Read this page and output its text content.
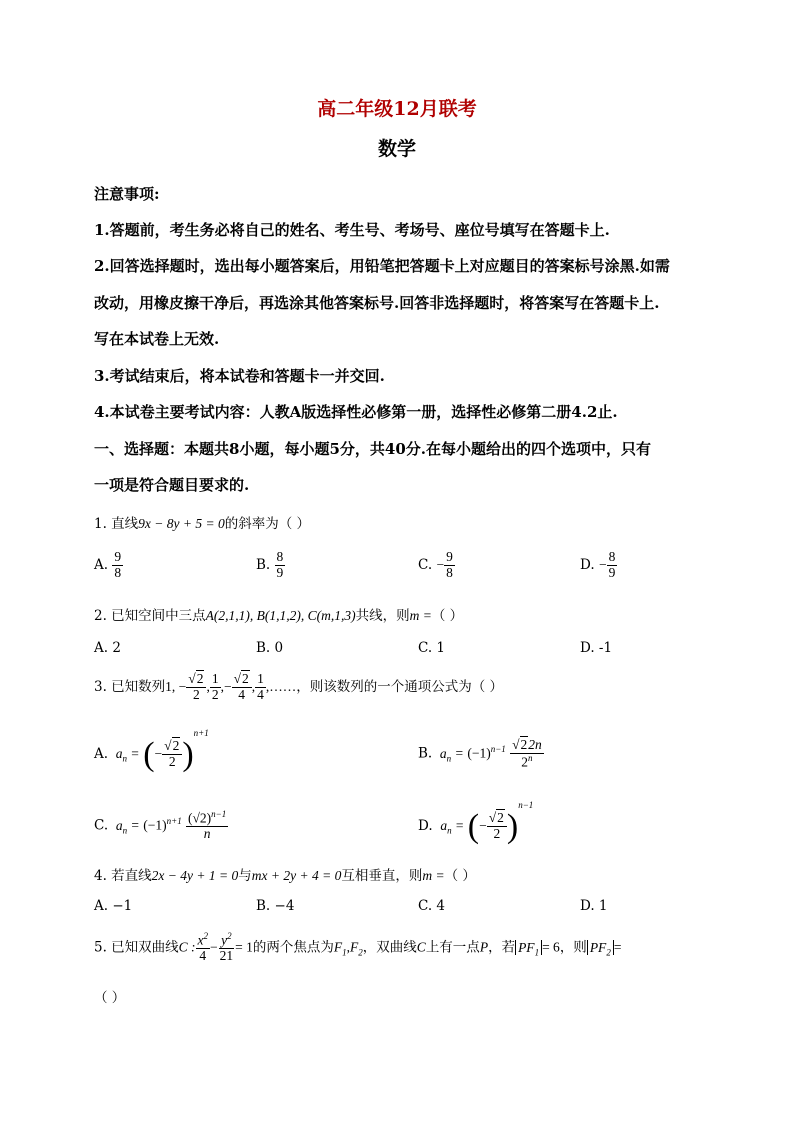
高二年级12月联考
数学
注意事项:
1.答题前，考生务必将自己的姓名、考生号、考场号、座位号填写在答题卡上.
2.回答选择题时，选出每小题答案后，用铅笔把答题卡上对应题目的答案标号涂黑.如需
改动，用橡皮擦干净后，再选涂其他答案标号.回答非选择题时，将答案写在答题卡上.
写在本试卷上无效.
3.考试结束后，将本试卷和答题卡一并交回.
4.本试卷主要考试内容：人教A版选择性必修第一册，选择性必修第二册4.2止.
一、选择题：本题共8小题，每小题5分，共40分.在每小题给出的四个选项中，只有
一项是符合题目要求的.
1. 直线9x − 8y + 5 = 0的斜率为（ ）
A. $\frac{9}{8}$	B. $\frac{8}{9}$	C. − $\frac{9}{8}$	D. − $\frac{8}{9}$
2. 已知空间中三点A(2,1,1), B(1,1,2), C(m,1,3)共线，则m =（ ）
A. 2	B. 0	C. 1	D. -1
3. 已知数列1, − $\frac{√2}{2}$ , $\frac{1}{2}$ ,− $\frac{√2}{4}$ , $\frac{1}{4}$ ,……，则该数列的一个通项公式为（ ）
A. $a_n$ = (− $\frac{√2}{2} )^{n+1}$
B. $a_n = (-1)^{n-1} \frac{√22n}{2^n}$
C. $a_n = (-1)^{n+1} \frac{(√2)^{n-1}}{n}$	D. $a_n$ = (− $\frac{√2}{2} )^{n-1}$
4. 若直线2x − 4y + 1 = 0与mx + 2y + 4 = 0互相垂直，则m =（ ）
A. −1	B. −4	C. 4	D. 1
5. 已知双曲线C : $\frac{x^2}{4} - \frac{y^2}{21} = 1$的两个焦点为$F_1,F_2$，双曲线C上有一点P，若 $PF_1 = 6$，则 $PF_2$ =
（ ）
